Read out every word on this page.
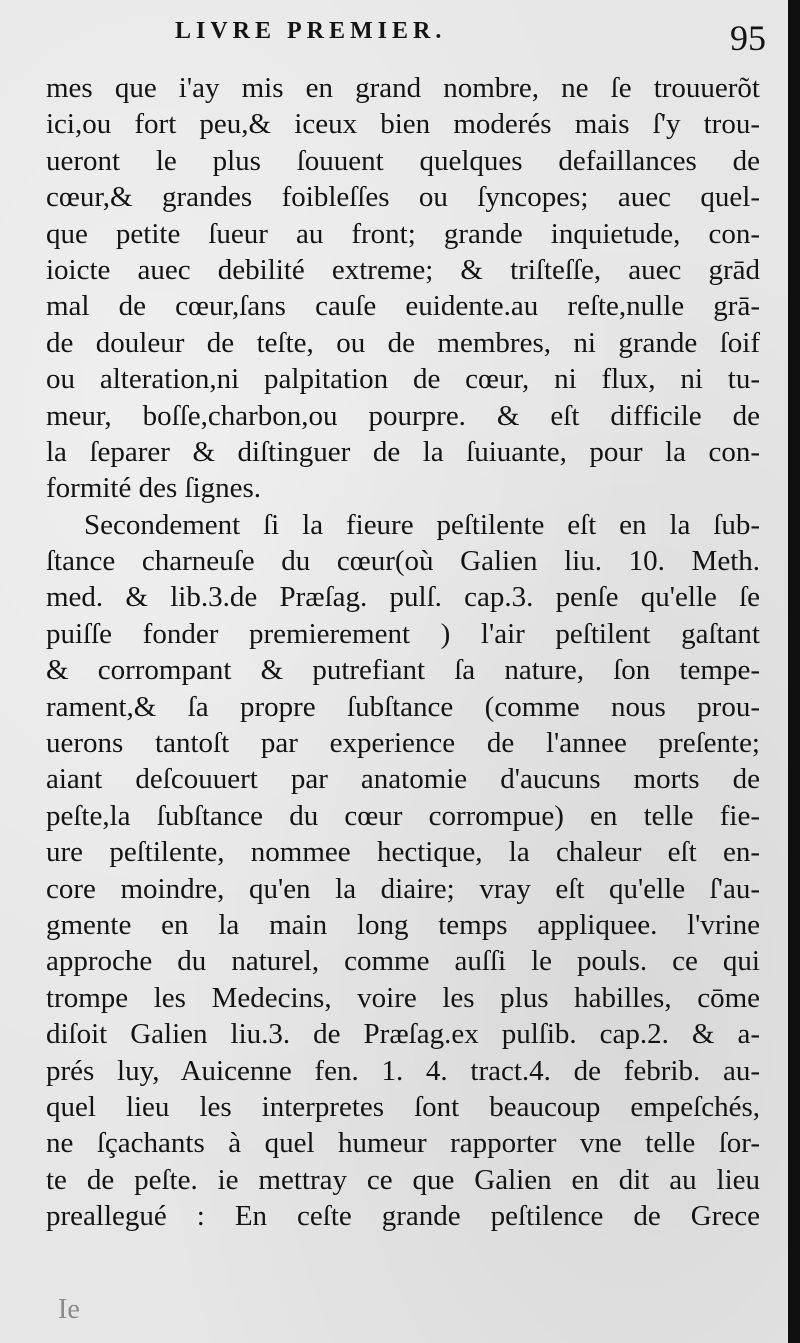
LIVRE PREMIER.	95
mes que i'ay mis en grand nombre, ne ſe trouuerõt
ici,ou fort peu,& iceux bien moderés mais ſ'y trou-
ueront le plus ſouuent quelques defaillances de
cœur,& grandes foibleſſes ou ſyncopes; auec quel-
que petite ſueur au front; grande inquietude, con-
ioicte auec debilité extreme; & triſteſſe, auec grād
mal de cœur,ſans cauſe euidente.au reſte,nulle grā-
de douleur de teſte, ou de membres, ni grande ſoif
ou alteration,ni palpitation de cœur, ni flux, ni tu-
meur, boſſe,charbon,ou pourpre. & eſt difficile de
la ſeparer & diſtinguer de la ſuiuante, pour la con-
formité des ſignes.
Secondement ſi la fieure peſtilente eſt en la ſub-
ſtance charneuſe du cœur(où Galien liu. 10. Meth.
med. & lib.3.de Præſag. pulſ. cap.3. penſe qu'elle ſe
puiſſe fonder premierement ) l'air peſtilent gaſtant
& corrompant & putrefiant ſa nature, ſon tempe-
rament,& ſa propre ſubſtance (comme nous prou-
uerons tantoſt par experience de l'annee preſente;
aiant deſcouuert par anatomie d'aucuns morts de
peſte,la ſubſtance du cœur corrompue) en telle fie-
ure peſtilente, nommee hectique, la chaleur eſt en-
core moindre, qu'en la diaire; vray eſt qu'elle ſ'au-
gmente en la main long temps appliquee. l'vrine
approche du naturel, comme auſſi le pouls. ce qui
trompe les Medecins, voire les plus habilles, cōme
diſoit Galien liu.3. de Præſag.ex pulſib. cap.2. & a-
prés luy, Auicenne fen. 1. 4. tract.4. de febrib. au-
quel lieu les interpretes ſont beaucoup empeſchés,
ne ſçachants à quel humeur rapporter vne telle ſor-
te de peſte. ie mettray ce que Galien en dit au lieu
preallegué : En ceſte grande peſtilence de Grece
Ie
